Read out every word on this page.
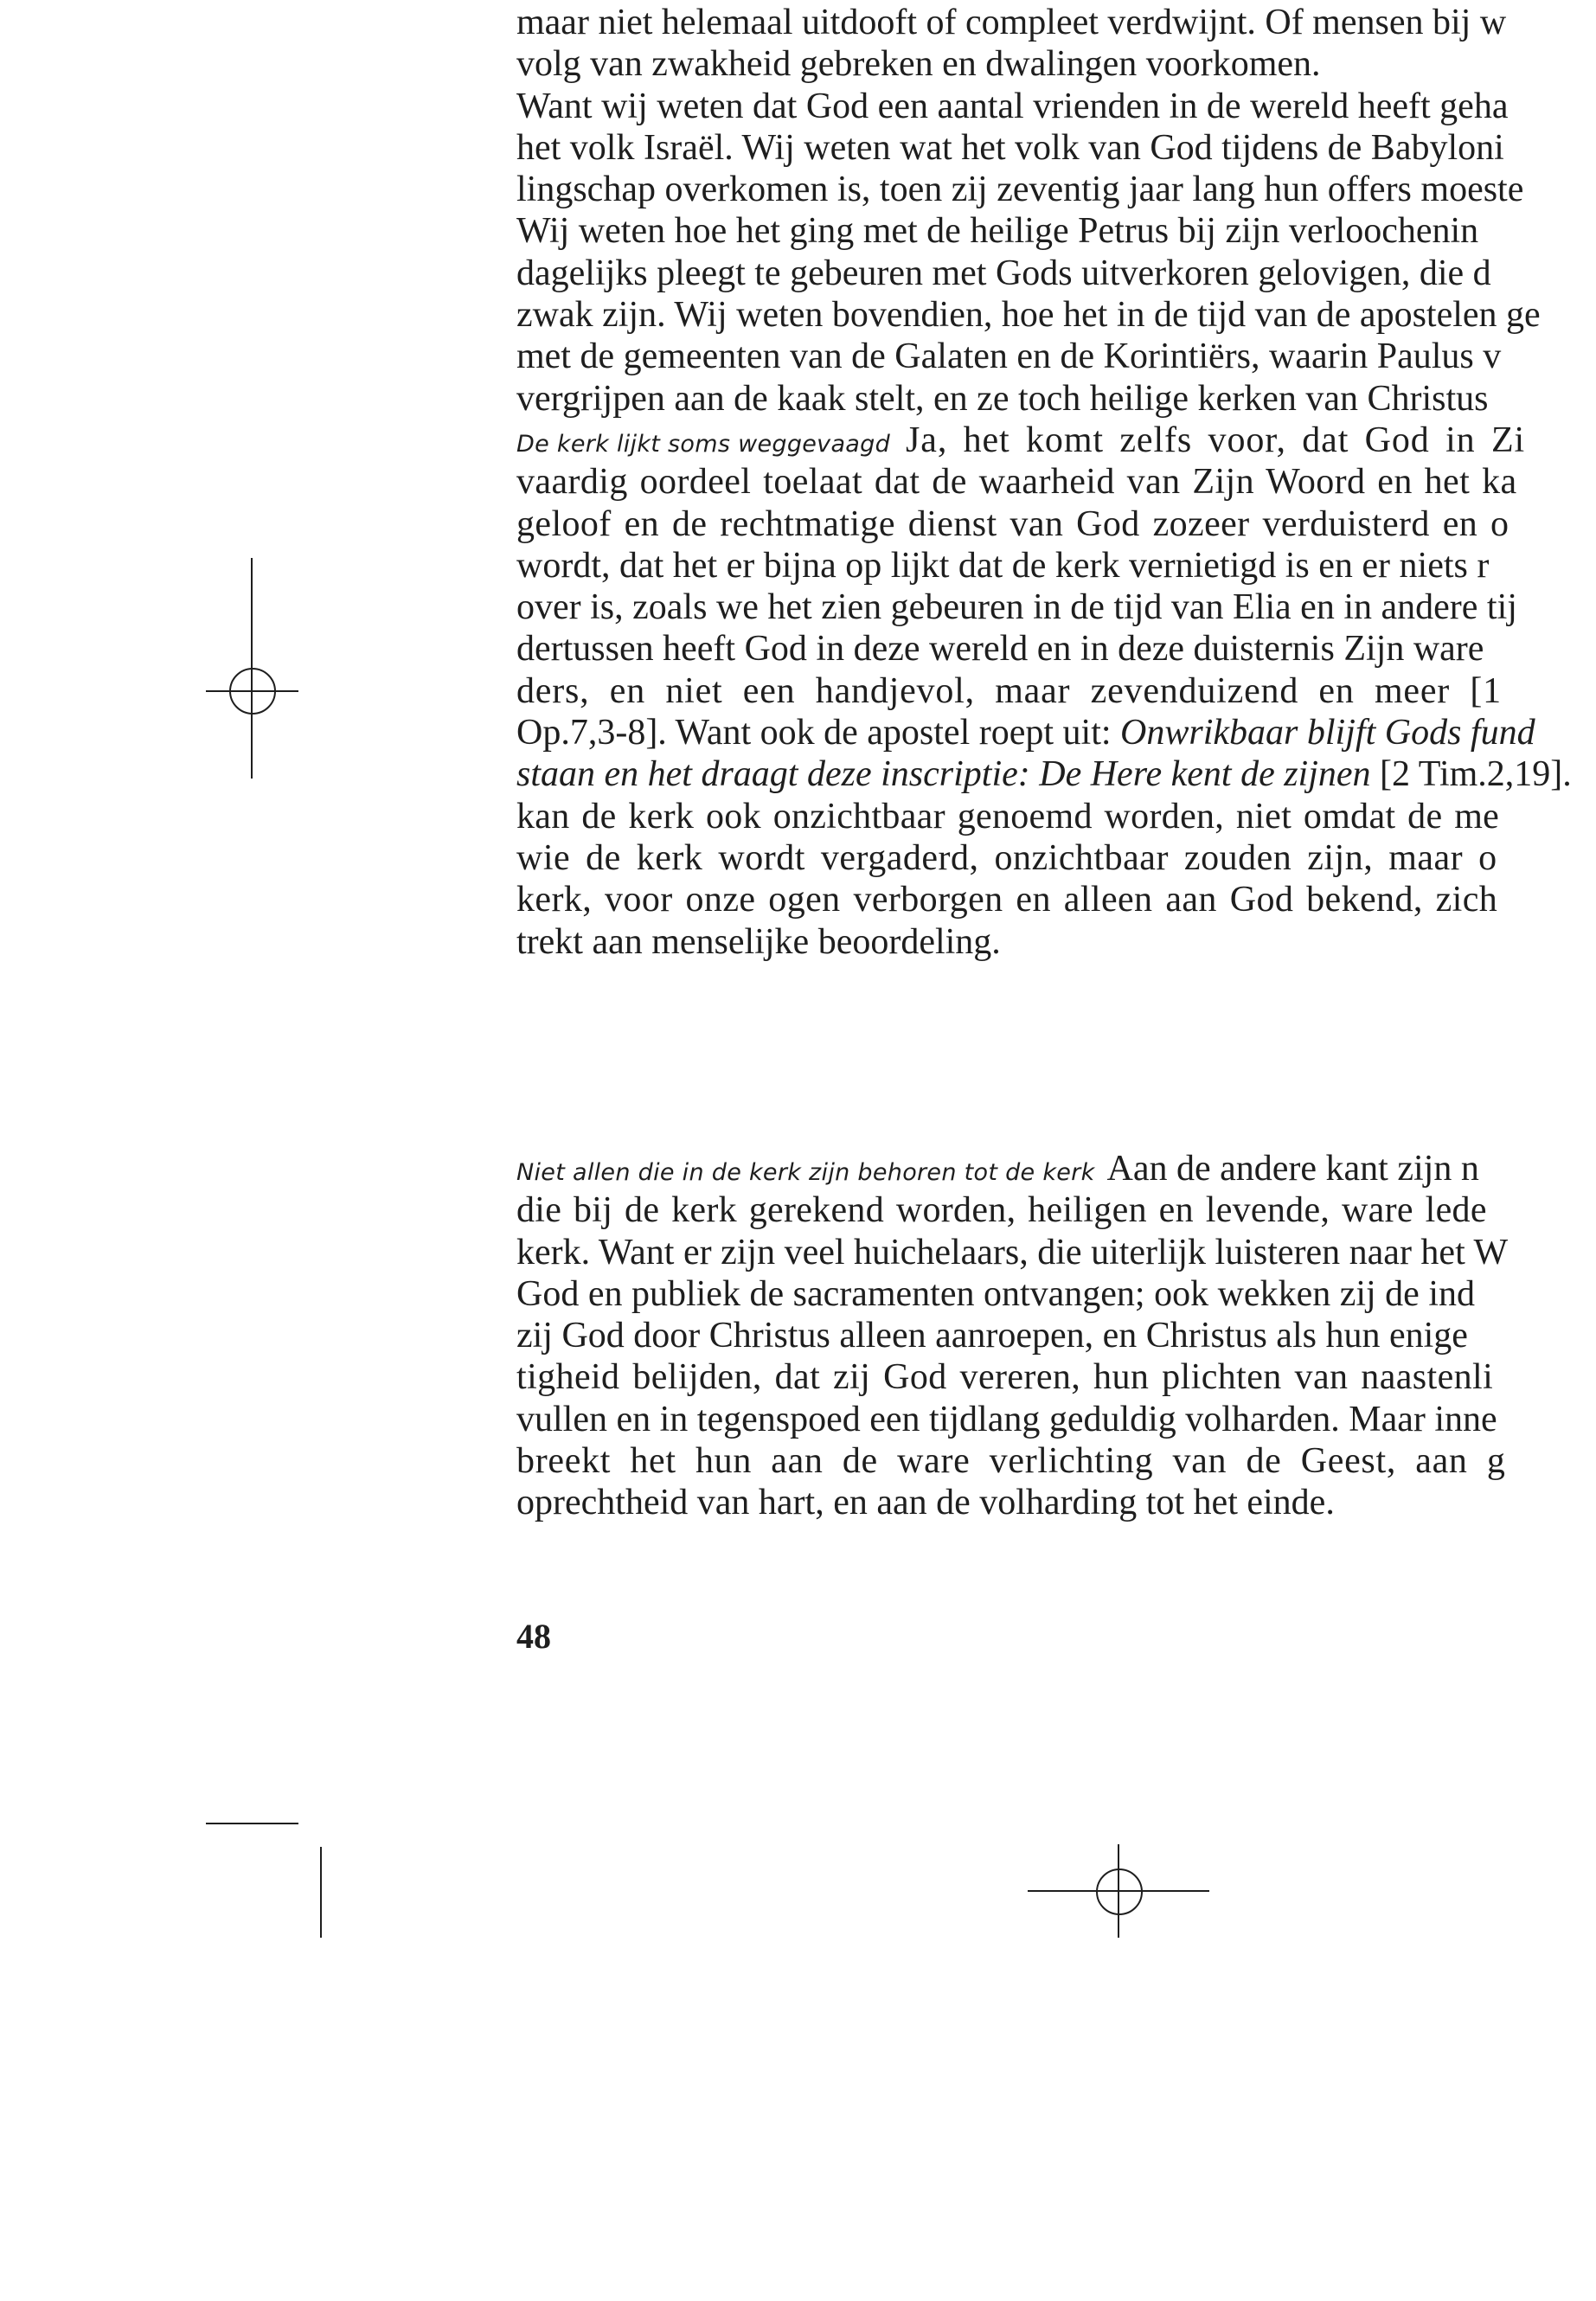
maar niet helemaal uitdooft of compleet verdwijnt. Of mensen bij w
volg van zwakheid gebreken en dwalingen voorkomen.
Want wij weten dat God een aantal vrienden in de wereld heeft geha
het volk Israël. Wij weten wat het volk van God tijdens de Babyloni
lingschap overkomen is, toen zij zeventig jaar lang hun offers moeste
Wij weten hoe het ging met de heilige Petrus bij zijn verloochenin
dagelijks pleegt te gebeuren met Gods uitverkoren gelovigen, die d
zwak zijn. Wij weten bovendien, hoe het in de tijd van de apostelen ge
met de gemeenten van de Galaten en de Korintiërs, waarin Paulus v
vergrijpen aan de kaak stelt, en ze toch heilige kerken van Christus
De kerk lijkt soms weggevaagd Ja, het komt zelfs voor, dat God in Zi
vaardig oordeel toelaat dat de waarheid van Zijn Woord en het ka
geloof en de rechtmatige dienst van God zozeer verduisterd en o
wordt, dat het er bijna op lijkt dat de kerk vernietigd is en er niets r
over is, zoals we het zien gebeuren in de tijd van Elia en in andere tij
dertussen heeft God in deze wereld en in deze duisternis Zijn ware
ders, en niet een handjevol, maar zevenduizend en meer [1
Op.7,3-8]. Want ook de apostel roept uit: Onwrikbaar blijft Gods fund
staan en het draagt deze inscriptie: De Here kent de zijnen [2 Tim.2,19].
kan de kerk ook onzichtbaar genoemd worden, niet omdat de me
wie de kerk wordt vergaderd, onzichtbaar zouden zijn, maar o
kerk, voor onze ogen verborgen en alleen aan God bekend, zich
trekt aan menselijke beoordeling.
Niet allen die in de kerk zijn behoren tot de kerk Aan de andere kant zijn n
die bij de kerk gerekend worden, heiligen en levende, ware lede
kerk. Want er zijn veel huichelaars, die uiterlijk luisteren naar het W
God en publiek de sacramenten ontvangen; ook wekken zij de ind
zij God door Christus alleen aanroepen, en Christus als hun enige
tigheid belijden, dat zij God vereren, hun plichten van naastenli
vullen en in tegenspoed een tijdlang geduldig volharden. Maar inne
breekt het hun aan de ware verlichting van de Geest, aan g
oprechtheid van hart, en aan de volharding tot het einde.
48
